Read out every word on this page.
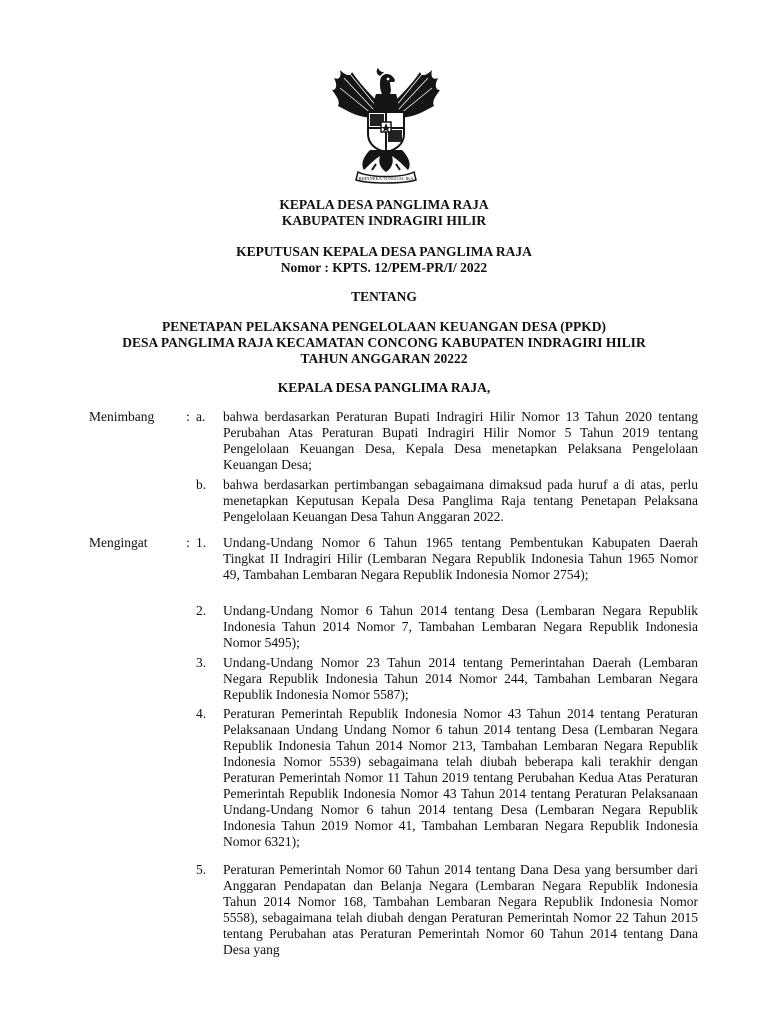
BHINNEKA TUNGGAL IKA
KEPALA DESA PANGLIMA RAJA
KABUPATEN INDRAGIRI HILIR
KEPUTUSAN KEPALA DESA PANGLIMA RAJA
Nomor : KPTS. 12/PEM-PR/I/ 2022
TENTANG
PENETAPAN PELAKSANA PENGELOLAAN KEUANGAN DESA (PPKD)
DESA PANGLIMA RAJA KECAMATAN CONCONG KABUPATEN INDRAGIRI HILIR
TAHUN ANGGARAN 20222
KEPALA DESA PANGLIMA RAJA,
Menimbang : a. bahwa berdasarkan Peraturan Bupati Indragiri Hilir Nomor 13 Tahun 2020 tentang Perubahan Atas Peraturan Bupati Indragiri Hilir Nomor 5 Tahun 2019 tentang Pengelolaan Keuangan Desa, Kepala Desa menetapkan Pelaksana Pengelolaan Keuangan Desa;
b. bahwa berdasarkan pertimbangan sebagaimana dimaksud pada huruf a di atas, perlu menetapkan Keputusan Kepala Desa Panglima Raja tentang Penetapan Pelaksana Pengelolaan Keuangan Desa Tahun Anggaran 2022.
Mengingat	: 1. Undang-Undang Nomor 6 Tahun 1965 tentang Pembentukan Kabupaten Daerah Tingkat II Indragiri Hilir (Lembaran Negara Republik Indonesia Tahun 1965 Nomor 49, Tambahan Lembaran Negara Republik Indonesia Nomor 2754);
2. Undang-Undang Nomor 6 Tahun 2014 tentang Desa (Lembaran Negara Republik Indonesia Tahun 2014 Nomor 7, Tambahan Lembaran Negara Republik Indonesia Nomor 5495);
3. Undang-Undang Nomor 23 Tahun 2014 tentang Pemerintahan Daerah (Lembaran Negara Republik Indonesia Tahun 2014 Nomor 244, Tambahan Lembaran Negara Republik Indonesia Nomor 5587);
4. Peraturan Pemerintah Republik Indonesia Nomor 43 Tahun 2014 tentang Peraturan Pelaksanaan Undang Undang Nomor 6 tahun 2014 tentang Desa (Lembaran Negara Republik Indonesia Tahun 2014 Nomor 213, Tambahan Lembaran Negara Republik Indonesia Nomor 5539) sebagaimana telah diubah beberapa kali terakhir dengan Peraturan Pemerintah Nomor 11 Tahun 2019 tentang Perubahan Kedua Atas Peraturan Pemerintah Republik Indonesia Nomor 43 Tahun 2014 tentang Peraturan Pelaksanaan Undang-Undang Nomor 6 tahun 2014 tentang Desa (Lembaran Negara Republik Indonesia Tahun 2019 Nomor 41, Tambahan Lembaran Negara Republik Indonesia Nomor 6321);
5. Peraturan Pemerintah Nomor 60 Tahun 2014 tentang Dana Desa yang bersumber dari Anggaran Pendapatan dan Belanja Negara (Lembaran Negara Republik Indonesia Tahun 2014 Nomor 168, Tambahan Lembaran Negara Republik Indonesia Nomor 5558), sebagaimana telah diubah dengan Peraturan Pemerintah Nomor 22 Tahun 2015 tentang Perubahan atas Peraturan Pemerintah Nomor 60 Tahun 2014 tentang Dana Desa yang
